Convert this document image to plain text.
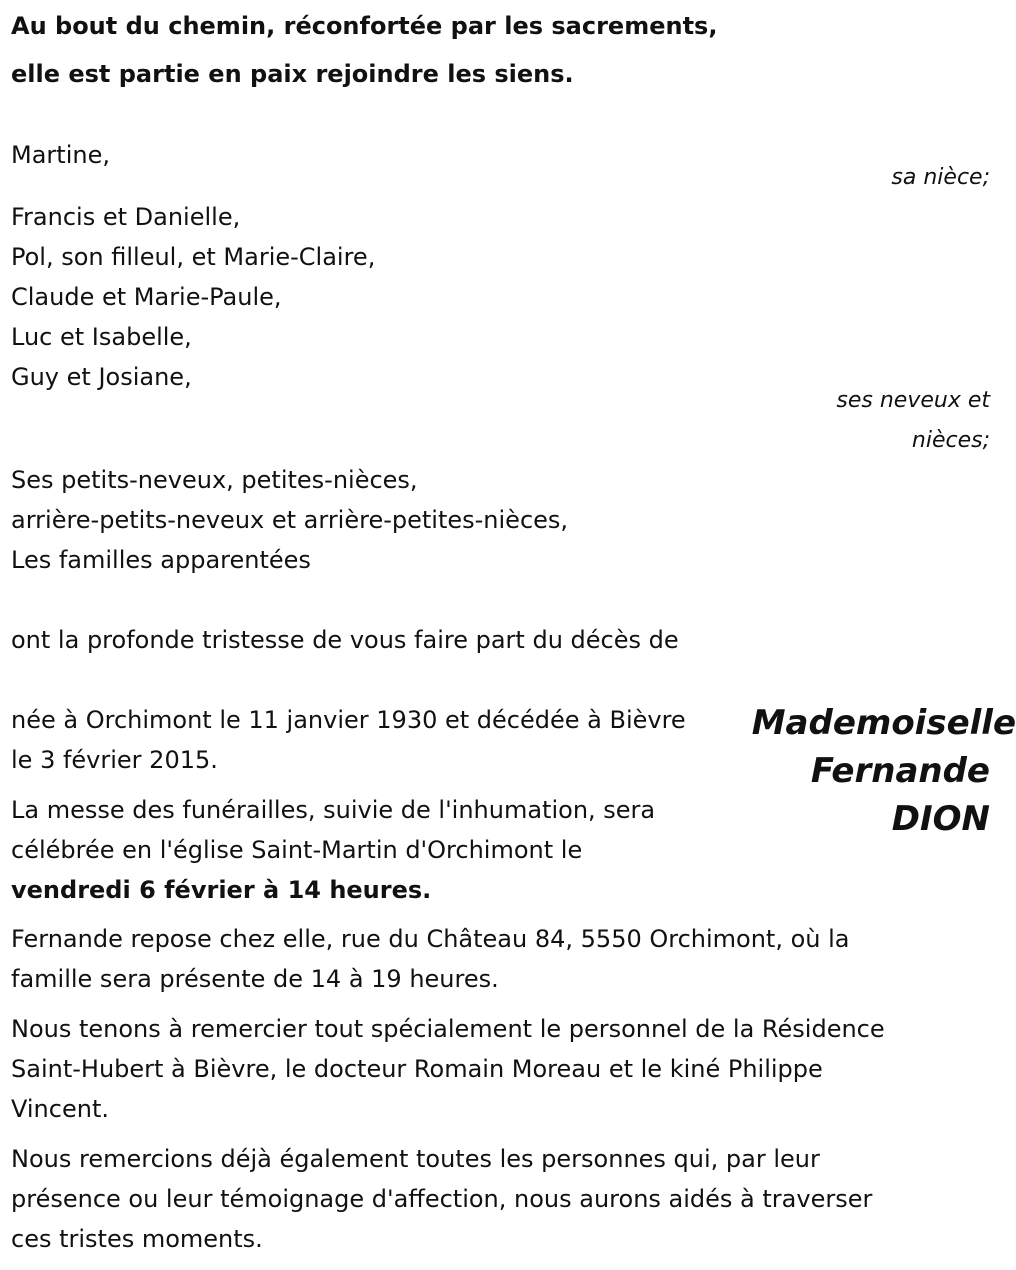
Au bout du chemin, réconfortée par les sacrements,

elle est partie en paix rejoindre les siens.

Martine,

sa nièce;

Francis et Danielle,

Pol, son filleul, et Marie-Claire,

Claude et Marie-Paule,

Luc et Isabelle,

Guy et Josiane,

ses neveux et
nièces;

Ses petits-neveux, petites-nièces,

arrière-petits-neveux et arrière-petites-nièces,

Les familles apparentées

ont la profonde tristesse de vous faire part du décès de

Mademoiselle
Fernande
DION

née à Orchimont le 11 janvier 1930 et décédée à Bièvre

le 3 février 2015.

La messe des funérailles, suivie de l'inhumation, sera

célébrée en l'église Saint-Martin d'Orchimont le

vendredi 6 février à 14 heures.

Fernande repose chez elle, rue du Château 84, 5550 Orchimont, où la

famille sera présente de 14 à 19 heures.

Nous tenons à remercier tout spécialement le personnel de la Résidence

Saint-Hubert à Bièvre, le docteur Romain Moreau et le kiné Philippe

Vincent.

Nous remercions déjà également toutes les personnes qui, par leur

présence ou leur témoignage d'affection, nous aurons aidés à traverser

ces tristes moments.
